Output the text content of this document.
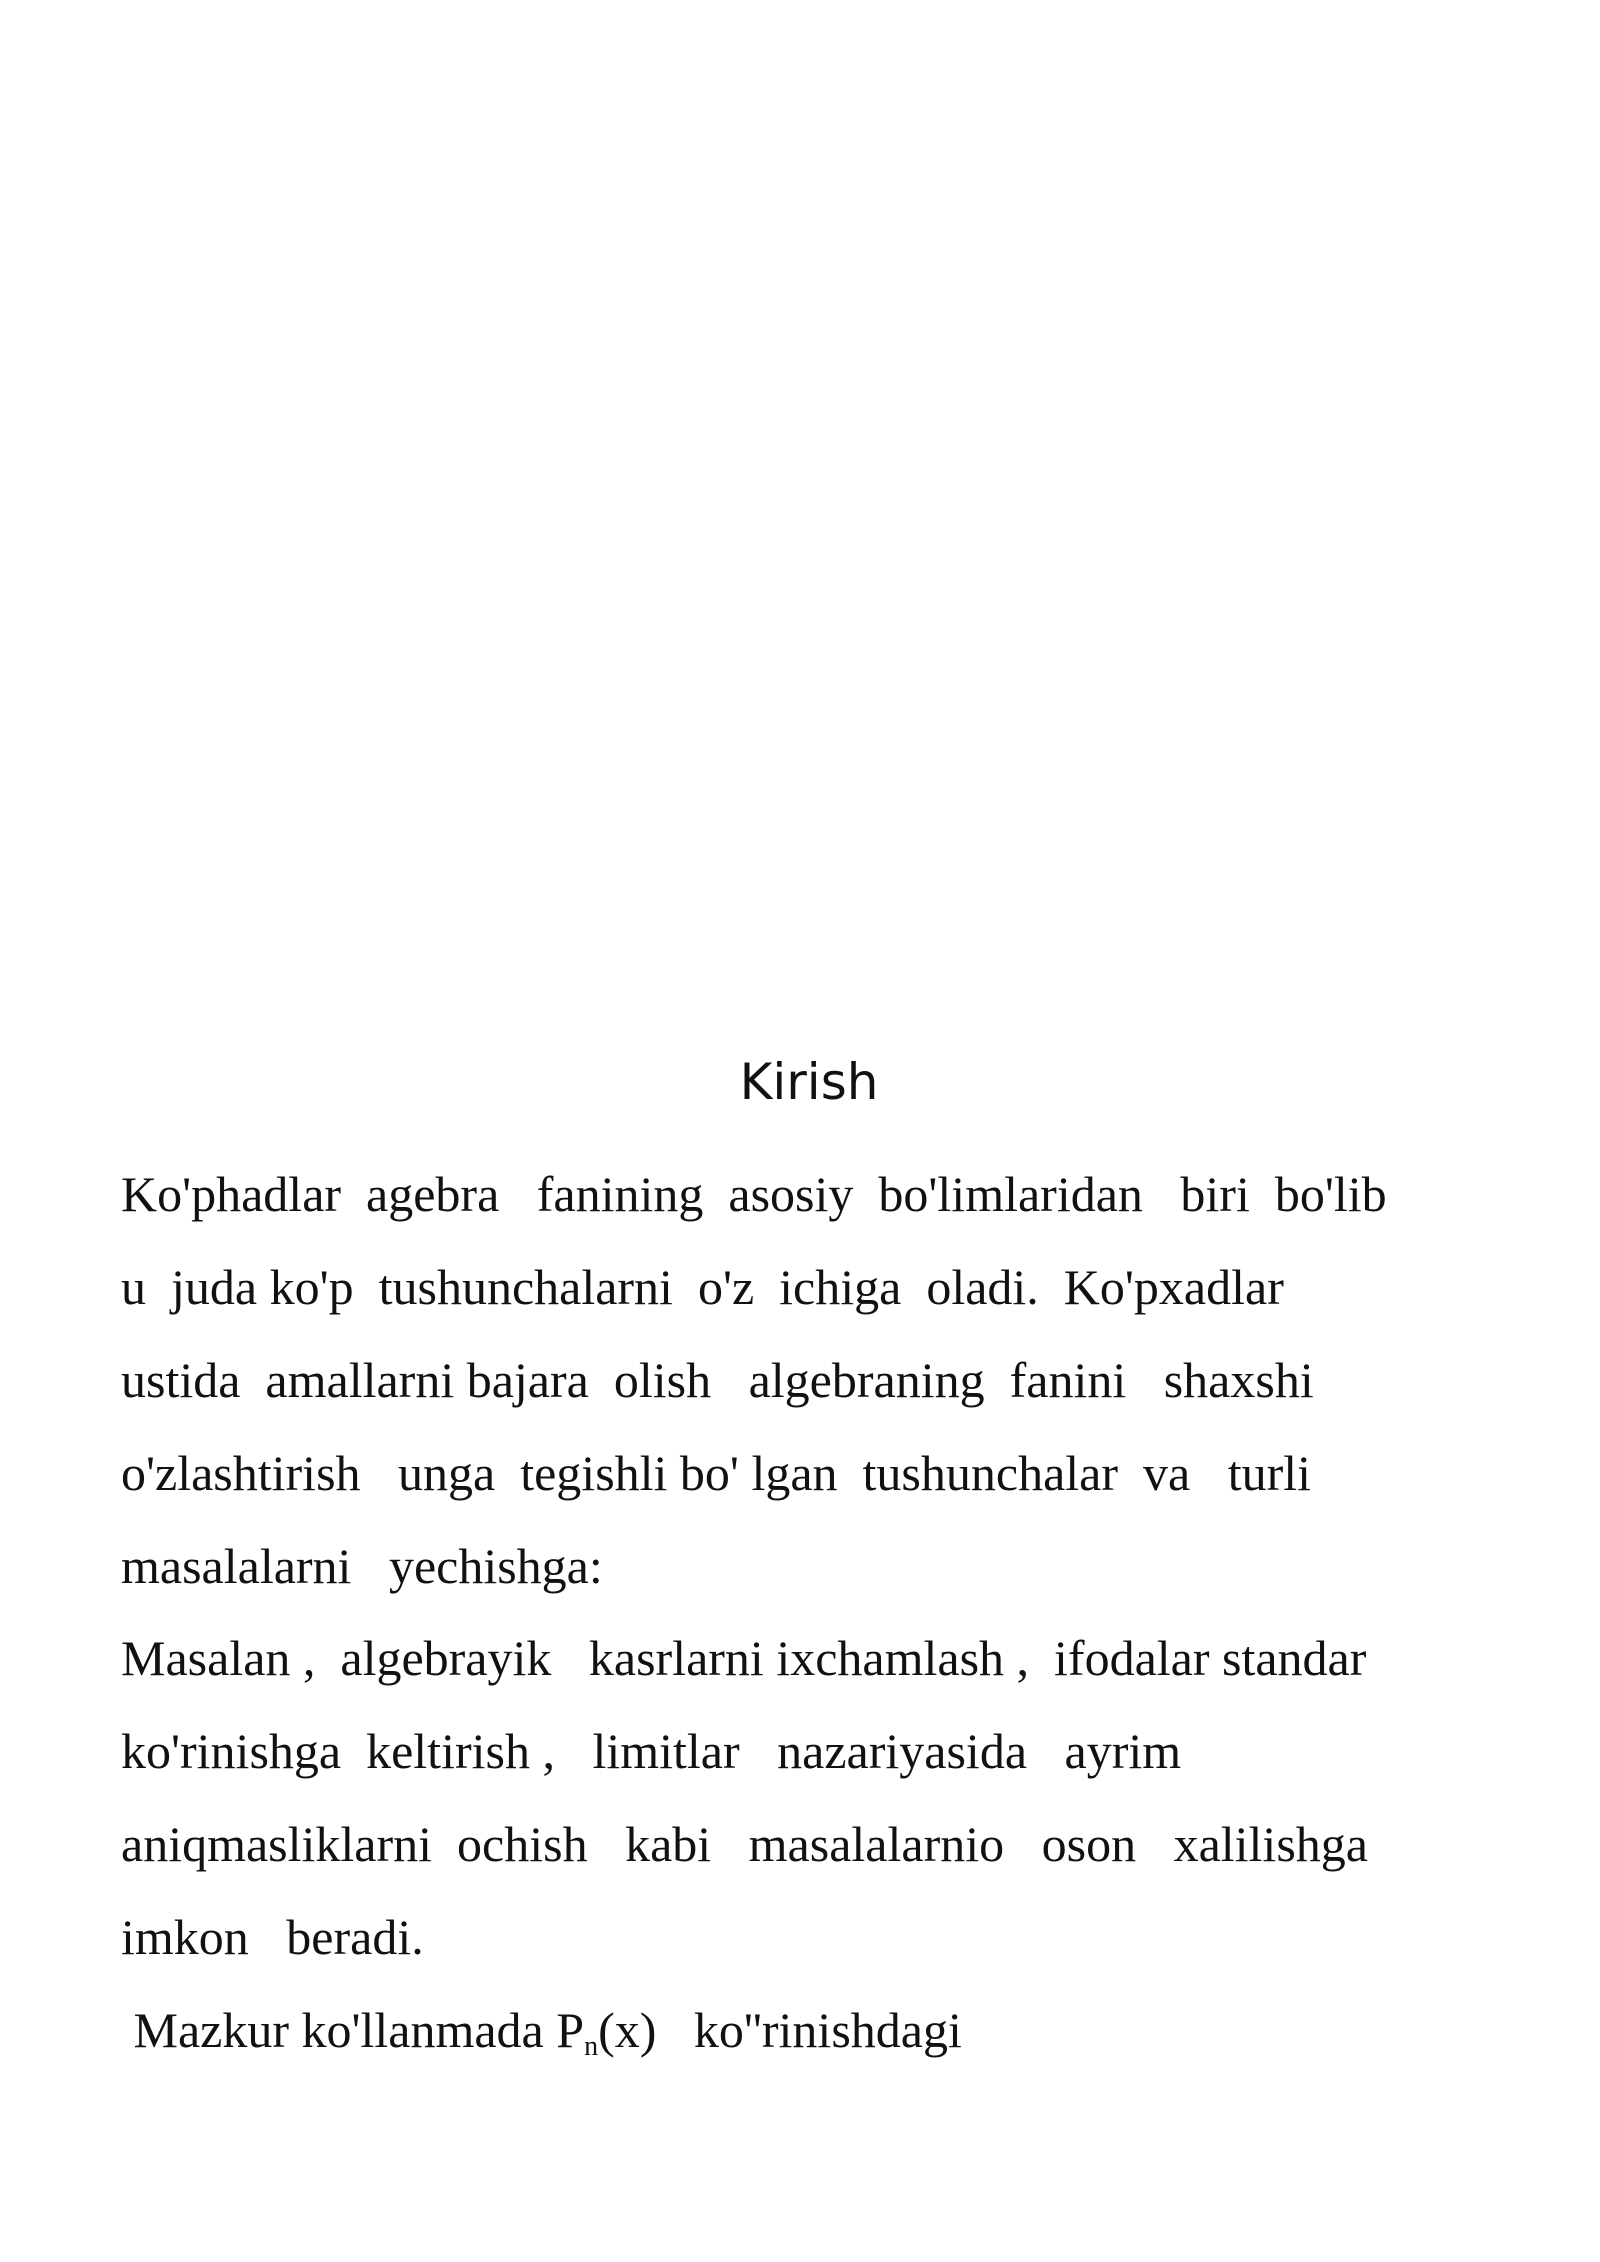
Kirish
Ko'phadlar  agebra   fanining  asosiy  bo'limlaridan   biri  bo'lib
u  juda ko'p  tushunchalarni  o'z  ichiga  oladi.  Ko'pxadlar
ustida  amallarni bajara  olish   algebraning  fanini   shaxshi
o'zlashtirish   unga  tegishli bo' lgan  tushunchalar  va   turli
masalalarni   yechishga:
Masalan ,  algebrayik   kasrlarni ixchamlash ,  ifodalar standar
ko'rinishga  keltirish ,   limitlar   nazariyasida   ayrim
aniqmasliklarni  ochish   kabi   masalalarnio   oson   xalilishga
imkon   beradi.
Mazkur ko'llanmada $P_n(x)$   ko''rinishdagi
